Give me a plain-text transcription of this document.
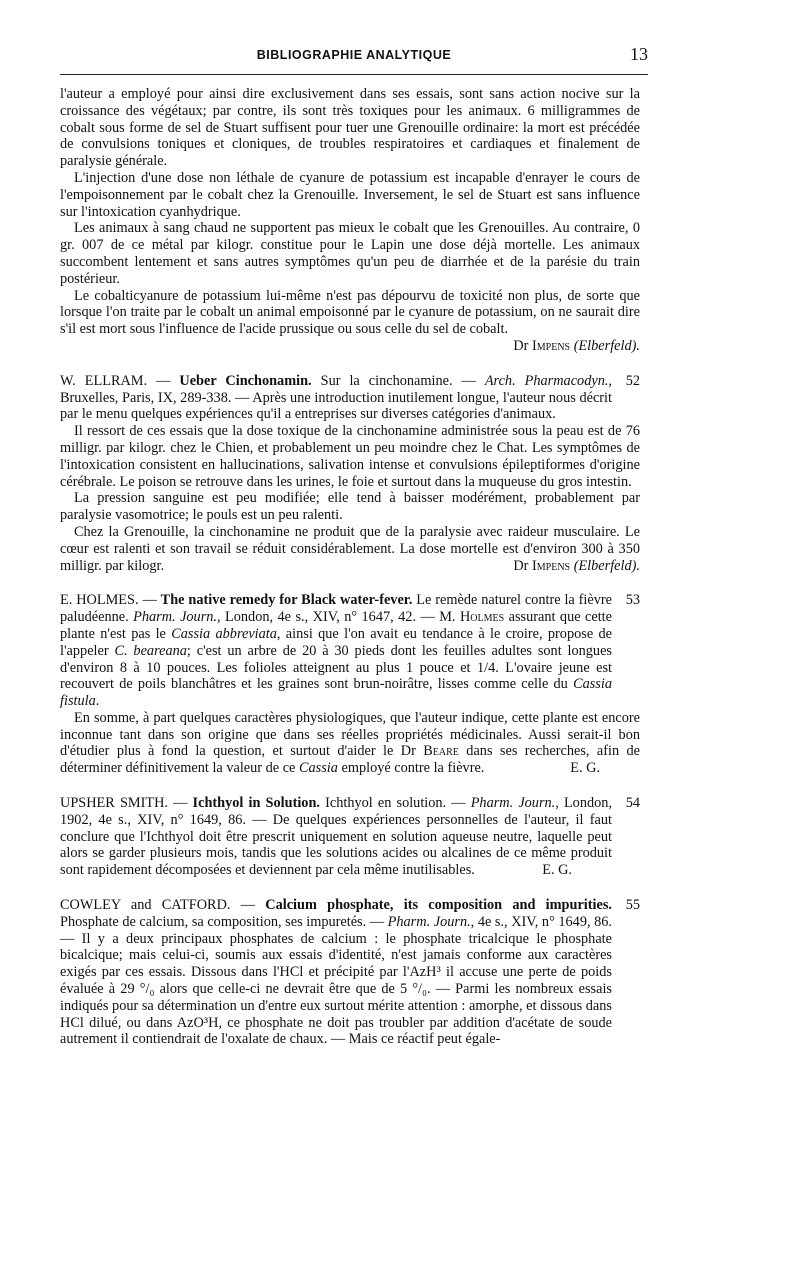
BIBLIOGRAPHIE ANALYTIQUE	13

l'auteur a employé pour ainsi dire exclusivement dans ses essais, sont sans action nocive sur la croissance des végétaux; par contre, ils sont très toxiques pour les animaux. 6 milligrammes de cobalt sous forme de sel de Stuart suffisent pour tuer une Grenouille ordinaire: la mort est précédée de convulsions toniques et cloniques, de troubles respiratoires et cardiaques et finalement de paralysie générale.

L'injection d'une dose non léthale de cyanure de potassium est incapable d'enrayer le cours de l'empoisonnement par le cobalt chez la Grenouille. Inversement, le sel de Stuart est sans influence sur l'intoxication cyanhydrique.

Les animaux à sang chaud ne supportent pas mieux le cobalt que les Grenouilles. Au contraire, 0 gr. 007 de ce métal par kilogr. constitue pour le Lapin une dose déjà mortelle. Les animaux succombent lentement et sans autres symptômes qu'un peu de diarrhée et de la parésie du train postérieur.

Le cobalticyanure de potassium lui-même n'est pas dépourvu de toxicité non plus, de sorte que lorsque l'on traite par le cobalt un animal empoisonné par le cyanure de potassium, on ne saurait dire s'il est mort sous l'influence de l'acide prussique ou sous celle du sel de cobalt.
Dr Impens (Elberfeld).

W. ELLRAM. — Ueber Cinchonamin. Sur la cinchonamine. — Arch. Pharmacodyn., Bruxelles, Paris, IX, 289-338. — Après une introduction inutilement longue, l'auteur nous décrit par le menu quelques expériences qu'il a entreprises sur diverses catégories d'animaux.
52

Il ressort de ces essais que la dose toxique de la cinchonamine administrée sous la peau est de 76 milligr. par kilogr. chez le Chien, et probablement un peu moindre chez le Chat. Les symptômes de l'intoxication consistent en hallucinations, salivation intense et convulsions épileptiformes d'origine cérébrale. Le poison se retrouve dans les urines, le foie et surtout dans la muqueuse du gros intestin.

La pression sanguine est peu modifiée; elle tend à baisser modérément, probablement par paralysie vasomotrice; le pouls est un peu ralenti.

Chez la Grenouille, la cinchonamine ne produit que de la paralysie avec raideur musculaire. Le cœur est ralenti et son travail se réduit considérablement. La dose mortelle est d'environ 300 à 350 milligr. par kilogr.	Dr Impens (Elberfeld).

E. HOLMES. — The native remedy for Black water-fever. Le remède naturel contre la fièvre paludéenne. Pharm. Journ., London, 4e s., XIV, n° 1647, 42. — M. Holmes assurant que cette plante n'est pas le Cassia abbreviata, ainsi que l'on avait eu tendance à le croire, propose de l'appeler C. beareana; c'est un arbre de 20 à 30 pieds dont les feuilles adultes sont longues d'environ 8 à 10 pouces. Les folioles atteignent au plus 1 pouce et 1/4. L'ovaire jeune est recouvert de poils blanchâtres et les graines sont brun-noirâtre, lisses comme celle du Cassia fistula.
53

En somme, à part quelques caractères physiologiques, que l'auteur indique, cette plante est encore inconnue tant dans son origine que dans ses réelles propriétés médicinales. Aussi serait-il bon d'étudier plus à fond la question, et surtout d'aider le Dr Beare dans ses recherches, afin de déterminer définitivement la valeur de ce Cassia employé contre la fièvre.	E. G.

UPSHER SMITH. — Ichthyol in Solution. Ichthyol en solution. — Pharm. Journ., London, 1902, 4e s., XIV, n° 1649, 86. — De quelques expériences personnelles de l'auteur, il faut conclure que l'Ichthyol doit être prescrit uniquement en solution aqueuse neutre, laquelle peut alors se garder plusieurs mois, tandis que les solutions acides ou alcalines de ce même produit sont rapidement décomposées et deviennent par cela même inutilisables.	E. G.
54

COWLEY and CATFORD. — Calcium phosphate, its composition and impurities. Phosphate de calcium, sa composition, ses impuretés. — Pharm. Journ., 4e s., XIV, n° 1649, 86. — Il y a deux principaux phosphates de calcium : le phosphate tricalcique le phosphate bicalcique; mais celui-ci, soumis aux essais d'identité, n'est jamais conforme aux caractères exigés par ces essais. Dissous dans l'HCl et précipité par l'AzH³ il accuse une perte de poids évaluée à 29 °/₀ alors que celle-ci ne devrait être que de 5 °/₀. — Parmi les nombreux essais indiqués pour sa détermination un d'entre eux surtout mérite attention : amorphe, et dissous dans HCl dilué, ou dans AzO³H, ce phosphate ne doit pas troubler par addition d'acétate de soude autrement il contiendrait de l'oxalate de chaux. — Mais ce réactif peut égale-
55
